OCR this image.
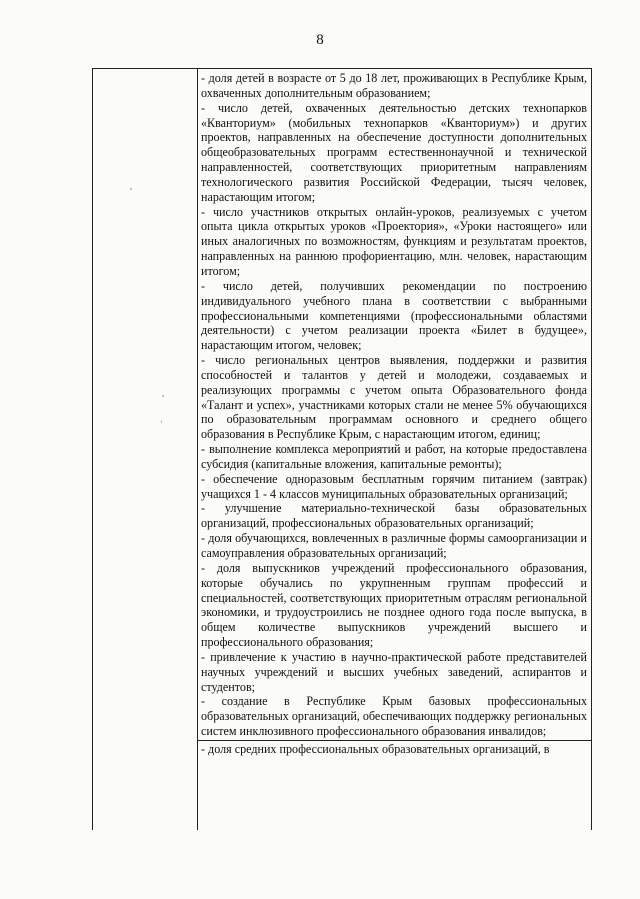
8

- доля детей в возрасте от 5 до 18 лет, проживающих в Республике Крым, охваченных дополнительным образованием;

- число детей, охваченных деятельностью детских технопарков «Кванториум» (мобильных технопарков «Кванториум») и других проектов, направленных на обеспечение доступности дополнительных общеобразовательных программ естественнонаучной и технической направленностей, соответствующих приоритетным направлениям технологического развития Российской Федерации, тысяч человек, нарастающим итогом;

- число участников открытых онлайн-уроков, реализуемых с учетом опыта цикла открытых уроков «Проектория», «Уроки настоящего» или иных аналогичных по возможностям, функциям и результатам проектов, направленных на раннюю профориентацию, млн. человек, нарастающим итогом;

- число детей, получивших рекомендации по построению индивидуального учебного плана в соответствии с выбранными профессиональными компетенциями (профессиональными областями деятельности) с учетом реализации проекта «Билет в будущее», нарастающим итогом, человек;

- число региональных центров выявления, поддержки и развития способностей и талантов у детей и молодежи, создаваемых и реализующих программы с учетом опыта Образовательного фонда «Талант и успех», участниками которых стали не менее 5% обучающихся по образовательным программам основного и среднего общего образования в Республике Крым, с нарастающим итогом, единиц;

- выполнение комплекса мероприятий и работ, на которые предоставлена субсидия (капитальные вложения, капитальные ремонты);

- обеспечение одноразовым бесплатным горячим питанием (завтрак) учащихся 1 - 4 классов муниципальных образовательных организаций;

- улучшение материально-технической базы образовательных организаций, профессиональных образовательных организаций;

- доля обучающихся, вовлеченных в различные формы самоорганизации и самоуправления образовательных организаций;

- доля выпускников учреждений профессионального образования, которые обучались по укрупненным группам профессий и специальностей, соответствующих приоритетным отраслям региональной экономики, и трудоустроились не позднее одного года после выпуска, в общем количестве выпускников учреждений высшего и профессионального образования;

- привлечение к участию в научно-практической работе представителей научных учреждений и высших учебных заведений, аспирантов и студентов;

- создание в Республике Крым базовых профессиональных образовательных организаций, обеспечивающих поддержку региональных систем инклюзивного профессионального образования инвалидов;

- доля средних профессиональных образовательных организаций, в
